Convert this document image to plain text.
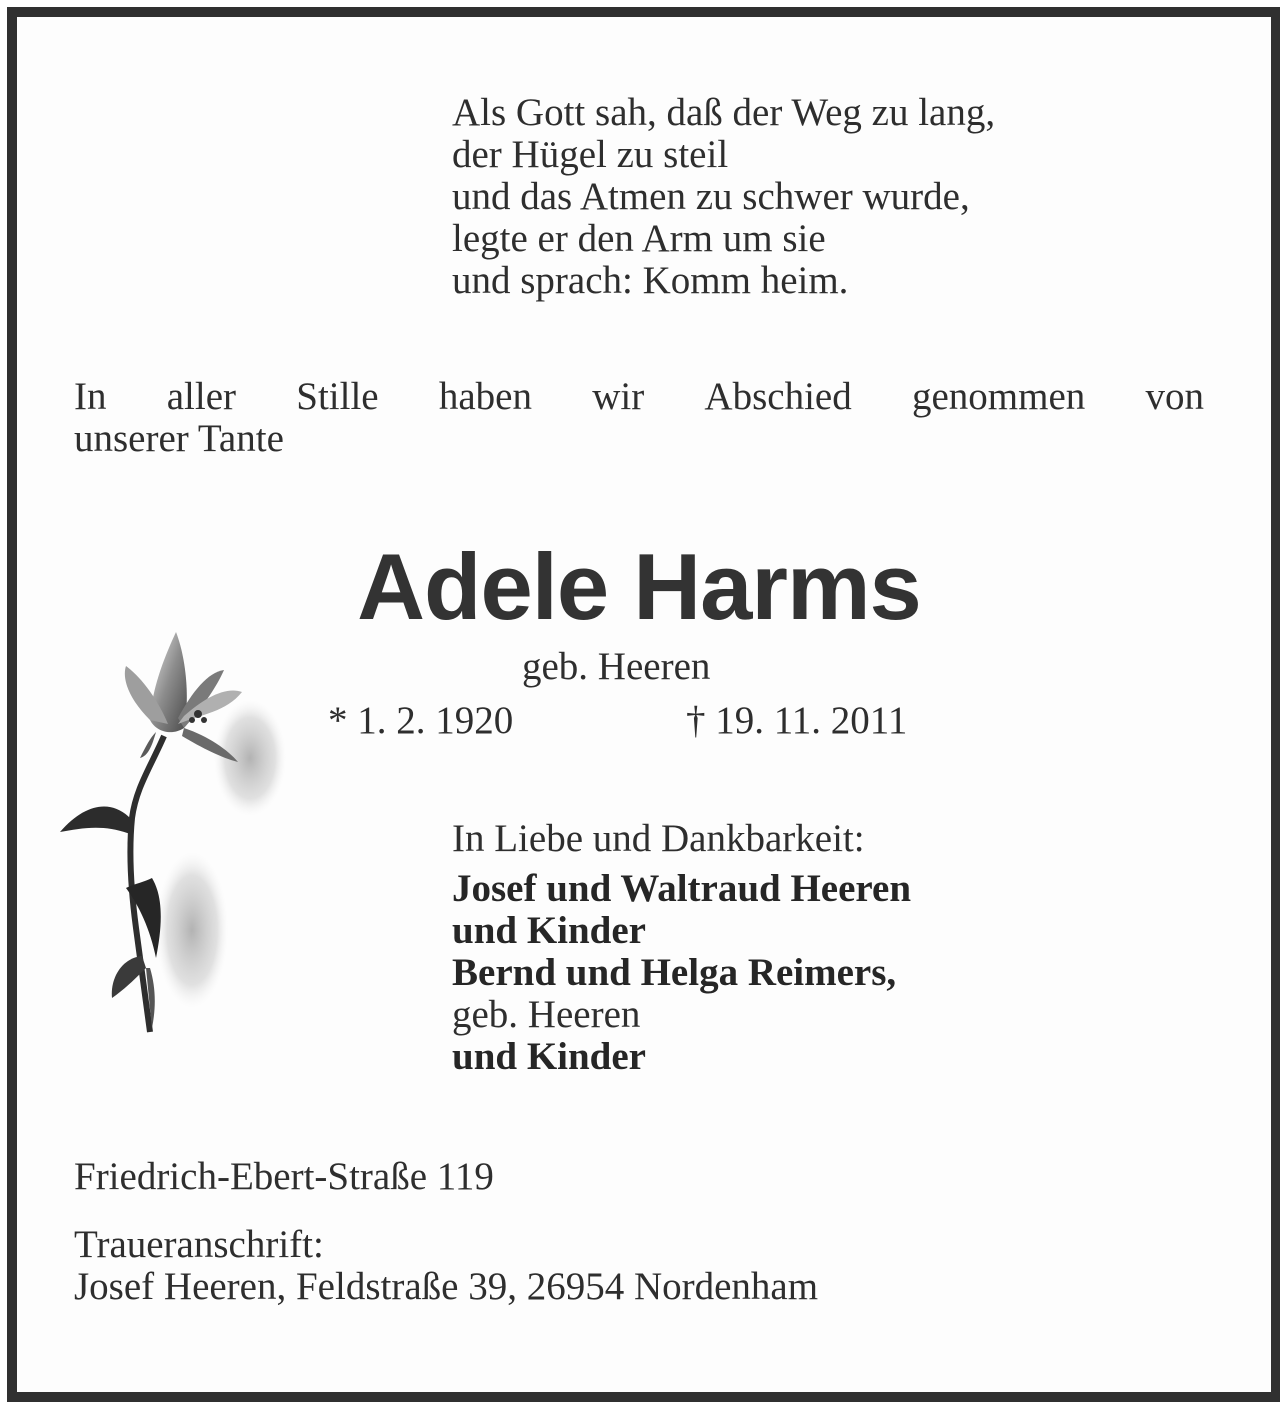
Als Gott sah, daß der Weg zu lang,
der Hügel zu steil
und das Atmen zu schwer wurde,
legte er den Arm um sie
und sprach: Komm heim.
In aller Stille haben wir Abschied genommen von
unserer Tante
Adele Harms
geb. Heeren
* 1. 2. 1920	† 19. 11. 2011
In Liebe und Dankbarkeit:
Josef und Waltraud Heeren
und Kinder
Bernd und Helga Reimers,
geb. Heeren
und Kinder
Friedrich-Ebert-Straße 119
Traueranschrift:
Josef Heeren, Feldstraße 39, 26954 Nordenham
